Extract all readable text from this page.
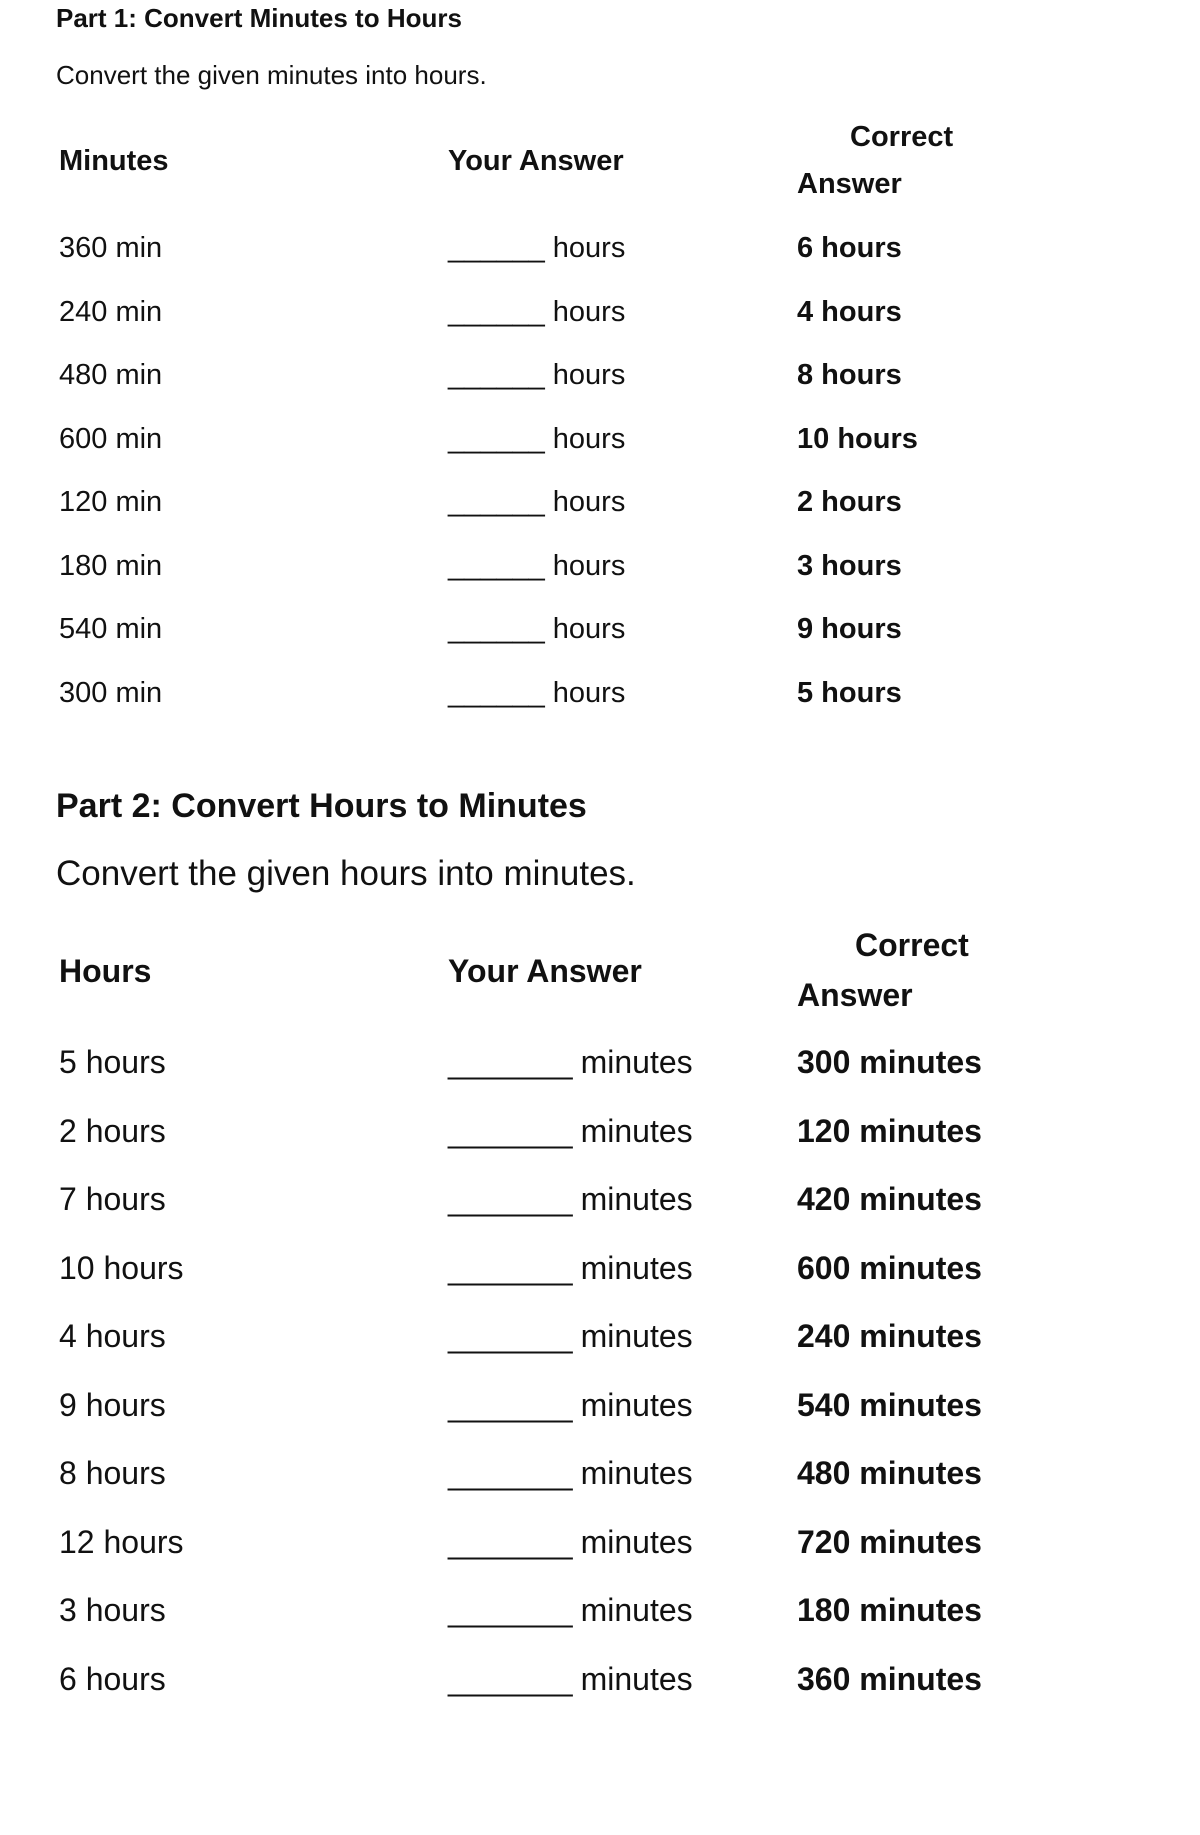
Part 1: Convert Minutes to Hours
Convert the given minutes into hours.
Minutes	Your Answer
Correct
Answer
360 min	______ hours	6 hours
240 min	______ hours	4 hours
480 min	______ hours	8 hours
600 min	______ hours	10 hours
120 min	______ hours	2 hours
180 min	______ hours	3 hours
540 min	______ hours	9 hours
300 min	______ hours	5 hours
Part 2: Convert Hours to Minutes
Convert the given hours into minutes.
Hours	Your Answer
Correct
Answer
5 hours	_______ minutes	300 minutes
2 hours	_______ minutes	120 minutes
7 hours	_______ minutes	420 minutes
10 hours	_______ minutes	600 minutes
4 hours	_______ minutes	240 minutes
9 hours	_______ minutes	540 minutes
8 hours	_______ minutes	480 minutes
12 hours	_______ minutes	720 minutes
3 hours	_______ minutes	180 minutes
6 hours	_______ minutes	360 minutes
